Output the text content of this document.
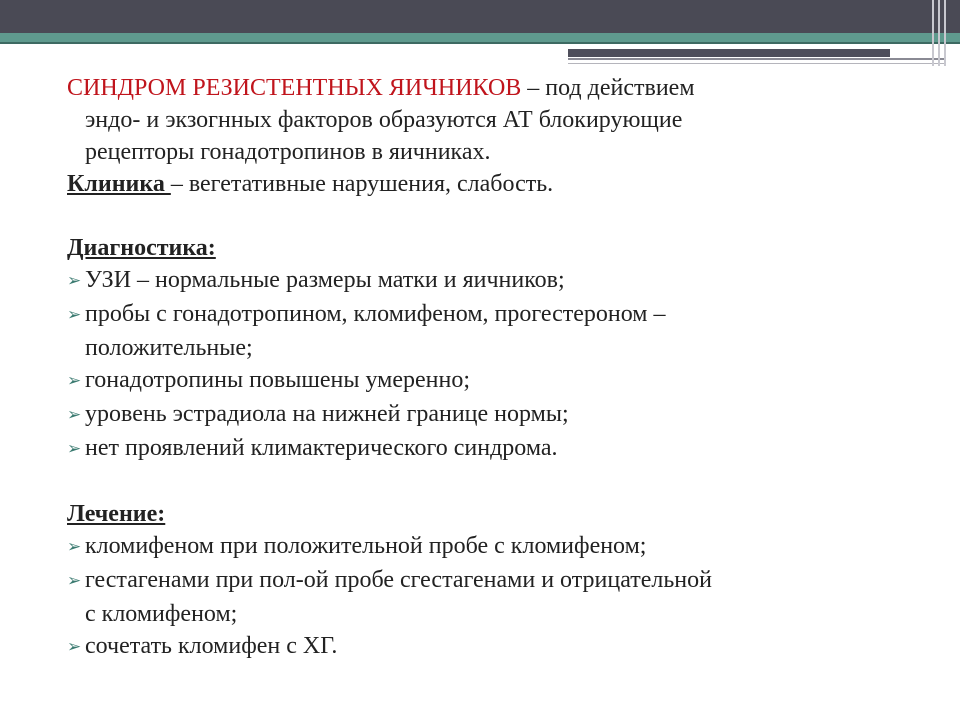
СИНДРОМ РЕЗИСТЕНТНЫХ ЯИЧНИКОВ – под действием
эндо- и экзогнных факторов образуются АТ блокирующие
рецепторы гонадотропинов в яичниках.
Клиника – вегетативные нарушения, слабость.
Диагностика:
➢ УЗИ – нормальные размеры матки и яичников;
➢ пробы с гонадотропином, кломифеном, прогестероном –
положительные;
➢ гонадотропины повышены умеренно;
➢ уровень эстрадиола на нижней границе нормы;
➢ нет проявлений климактерического синдрома.
Лечение:
➢ кломифеном при положительной пробе с кломифеном;
➢ гестагенами при пол-ой пробе сгестагенами и отрицательной
с кломифеном;
➢ сочетать кломифен с ХГ.
